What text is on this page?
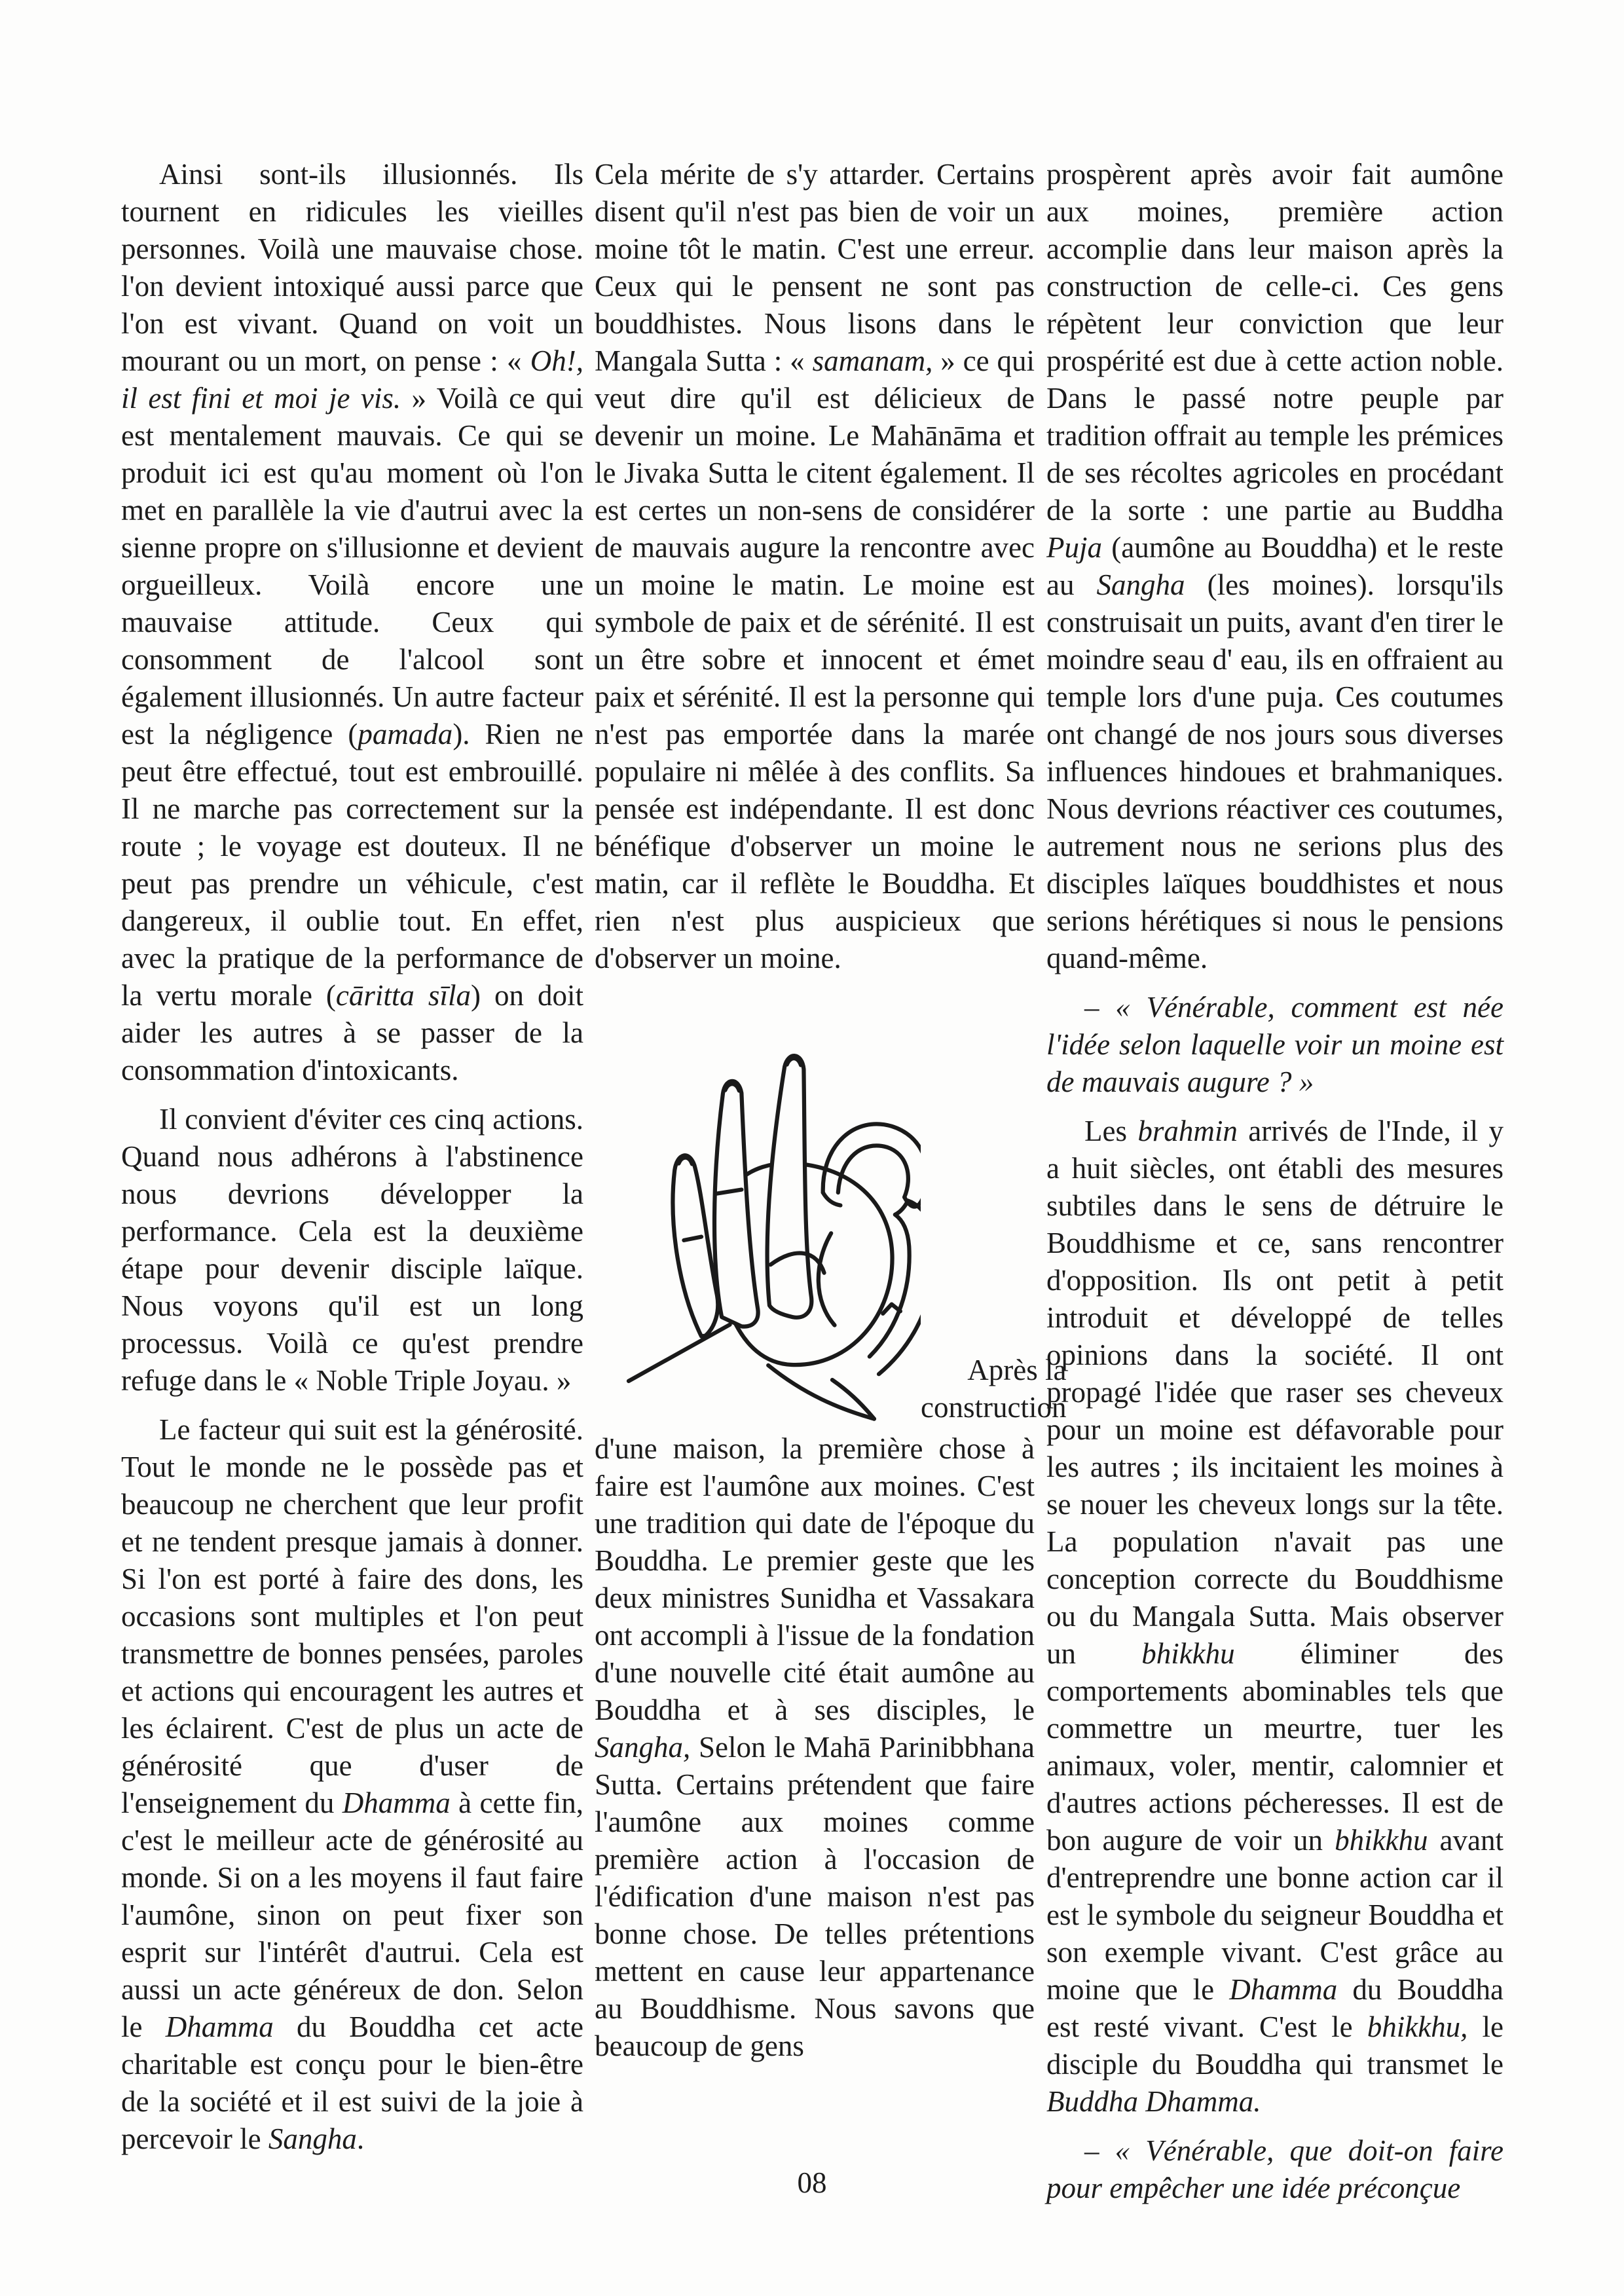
Ainsi sont-ils illusionnés. Ils tournent en ridicules les vieilles personnes. Voilà une mauvaise chose. l'on devient intoxiqué aussi parce que l'on est vivant. Quand on voit un mourant ou un mort, on pense : « Oh!, il est fini et moi je vis. » Voilà ce qui est mentalement mauvais. Ce qui se produit ici est qu'au moment où l'on met en parallèle la vie d'autrui avec la sienne propre on s'illusionne et devient orgueilleux. Voilà encore une mauvaise attitude. Ceux qui consomment de l'alcool sont également illusionnés. Un autre facteur est la négligence (pamada). Rien ne peut être effectué, tout est embrouillé. Il ne marche pas correctement sur la route ; le voyage est douteux. Il ne peut pas prendre un véhicule, c'est dangereux, il oublie tout. En effet, avec la pratique de la performance de la vertu morale (cāritta sīla) on doit aider les autres à se passer de la consommation d'intoxicants.

Il convient d'éviter ces cinq actions. Quand nous adhérons à l'abstinence nous devrions développer la performance. Cela est la deuxième étape pour devenir disciple laïque. Nous voyons qu'il est un long processus. Voilà ce qu'est prendre refuge dans le « Noble Triple Joyau. »

Le facteur qui suit est la générosité. Tout le monde ne le possède pas et beaucoup ne cherchent que leur profit et ne tendent presque jamais à donner. Si l'on est porté à faire des dons, les occasions sont multiples et l'on peut transmettre de bonnes pensées, paroles et actions qui encouragent les autres et les éclairent. C'est de plus un acte de générosité que d'user de l'enseignement du Dhamma à cette fin, c'est le meilleur acte de générosité au monde. Si on a les moyens il faut faire l'aumône, sinon on peut fixer son esprit sur l'intérêt d'autrui. Cela est aussi un acte généreux de don. Selon le Dhamma du Bouddha cet acte charitable est conçu pour le bien-être de la société et il est suivi de la joie à percevoir le Sangha.

Cela mérite de s'y attarder. Certains disent qu'il n'est pas bien de voir un moine tôt le matin. C'est une erreur. Ceux qui le pensent ne sont pas bouddhistes. Nous lisons dans le Mangala Sutta : « samanam, » ce qui veut dire qu'il est délicieux de devenir un moine. Le Mahānāma et le Jivaka Sutta le citent également. Il est certes un non-sens de considérer de mauvais augure la rencontre avec un moine le matin. Le moine est symbole de paix et de sérénité. Il est un être sobre et innocent et émet paix et sérénité. Il est la personne qui n'est pas emportée dans la marée populaire ni mêlée à des conflits. Sa pensée est indépendante. Il est donc bénéfique d'observer un moine le matin, car il reflète le Bouddha. Et rien n'est plus auspicieux que d'observer un moine.

Après la
construction

d'une maison, la première chose à faire est l'aumône aux moines. C'est une tradition qui date de l'époque du Bouddha. Le premier geste que les deux ministres Sunidha et Vassakara ont accompli à l'issue de la fondation d'une nouvelle cité était aumône au Bouddha et à ses disciples, le Sangha, Selon le Mahā Parinibbhana Sutta. Certains prétendent que faire l'aumône aux moines comme première action à l'occasion de l'édification d'une maison n'est pas bonne chose. De telles prétentions mettent en cause leur appartenance au Bouddhisme. Nous savons que beaucoup de gens

prospèrent après avoir fait aumône aux moines, première action accomplie dans leur maison après la construction de celle-ci. Ces gens répètent leur conviction que leur prospérité est due à cette action noble. Dans le passé notre peuple par tradition offrait au temple les prémices de ses récoltes agricoles en procédant de la sorte : une partie au Buddha Puja (aumône au Bouddha) et le reste au Sangha (les moines). lorsqu'ils construisait un puits, avant d'en tirer le moindre seau d' eau, ils en offraient au temple lors d'une puja. Ces coutumes ont changé de nos jours sous diverses influences hindoues et brahmaniques. Nous devrions réactiver ces coutumes, autrement nous ne serions plus des disciples laïques bouddhistes et nous serions hérétiques si nous le pensions quand-même.

– « Vénérable, comment est née l'idée selon laquelle voir un moine est de mauvais augure ? »

Les brahmin arrivés de l'Inde, il y a huit siècles, ont établi des mesures subtiles dans le sens de détruire le Bouddhisme et ce, sans rencontrer d'opposition. Ils ont petit à petit introduit et développé de telles opinions dans la société. Il ont propagé l'idée que raser ses cheveux pour un moine est défavorable pour les autres ; ils incitaient les moines à se nouer les cheveux longs sur la tête. La population n'avait pas une conception correcte du Bouddhisme ou du Mangala Sutta. Mais observer un bhikkhu éliminer des comportements abominables tels que commettre un meurtre, tuer les animaux, voler, mentir, calomnier et d'autres actions pécheresses. Il est de bon augure de voir un bhikkhu avant d'entreprendre une bonne action car il est le symbole du seigneur Bouddha et son exemple vivant. C'est grâce au moine que le Dhamma du Bouddha est resté vivant. C'est le bhikkhu, le disciple du Bouddha qui transmet le Buddha Dhamma.

– « Vénérable, que doit-on faire pour empêcher une idée préconçue

08
